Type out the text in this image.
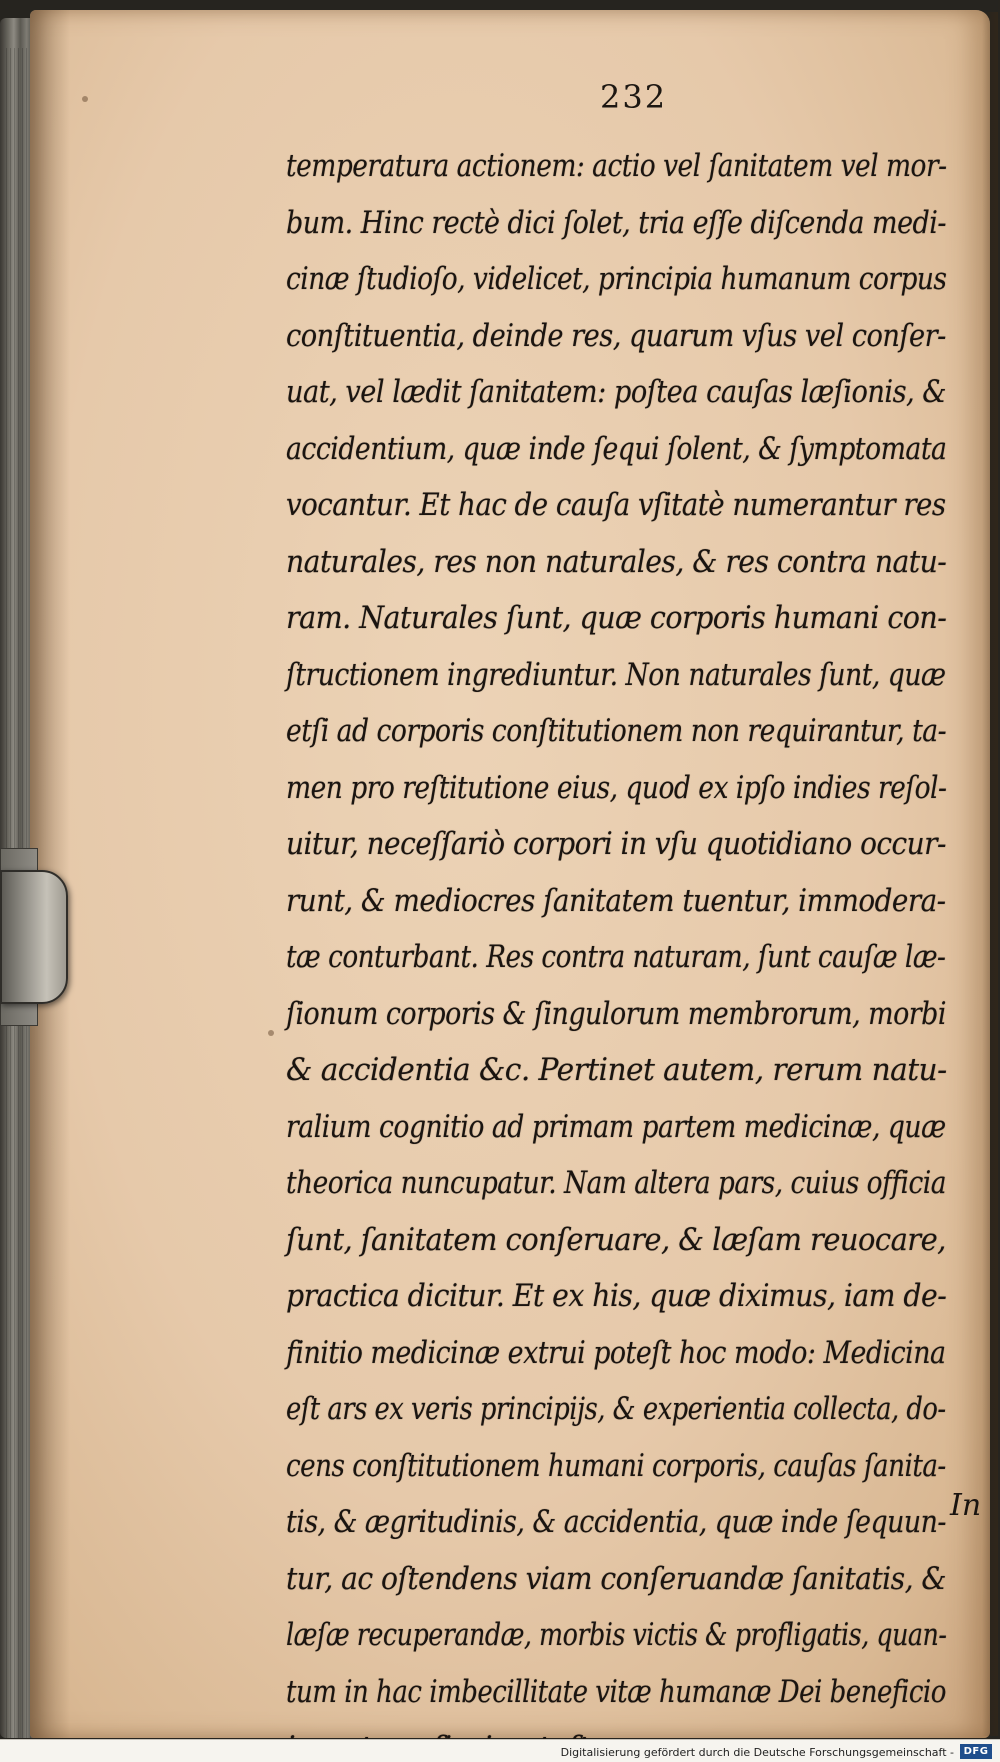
232
temperatura actionem: actio vel ſanitatem vel mor-
bum. Hinc rectè dici ſolet, tria eſſe diſcenda medi-
cinæ ſtudioſo, videlicet, principia humanum corpus
conſtituentia, deinde res, quarum vſus vel conſer-
uat, vel lædit ſanitatem: poſtea cauſas læſionis, &
accidentium, quæ inde ſequi ſolent, & ſymptomata
vocantur. Et hac de cauſa vſitatè numerantur res
naturales, res non naturales, & res contra natu-
ram. Naturales ſunt, quæ corporis humani con-
ſtructionem ingrediuntur. Non naturales ſunt, quæ
etſi ad corporis conſtitutionem non requirantur, ta-
men pro reſtitutione eius, quod ex ipſo indies reſol-
uitur, neceſſariò corpori in vſu quotidiano occur-
runt, & mediocres ſanitatem tuentur, immodera-
tæ conturbant. Res contra naturam, ſunt cauſæ læ-
ſionum corporis & ſingulorum membrorum, morbi
& accidentia &c. Pertinet autem, rerum natu-
ralium cognitio ad primam partem medicinæ, quæ
theorica nuncupatur. Nam altera pars, cuius officia
ſunt, ſanitatem conſeruare, & læſam reuocare,
practica dicitur. Et ex his, quæ diximus, iam de-
finitio medicinæ extrui poteſt hoc modo: Medicina
eſt ars ex veris principijs, & experientia collecta, do-
cens conſtitutionem humani corporis, cauſas ſanita-
tis, & ægritudinis, & accidentia, quæ inde ſequun-
tur, ac oſtendens viam conſeruandæ ſanitatis, &
læſæ recuperandæ, morbis victis & profligatis, quan-
tum in hac imbecillitate vitæ humanæ Dei beneficio
In
Digitalisierung gefördert durch die Deutsche Forschungsgemeinschaft - DFG
